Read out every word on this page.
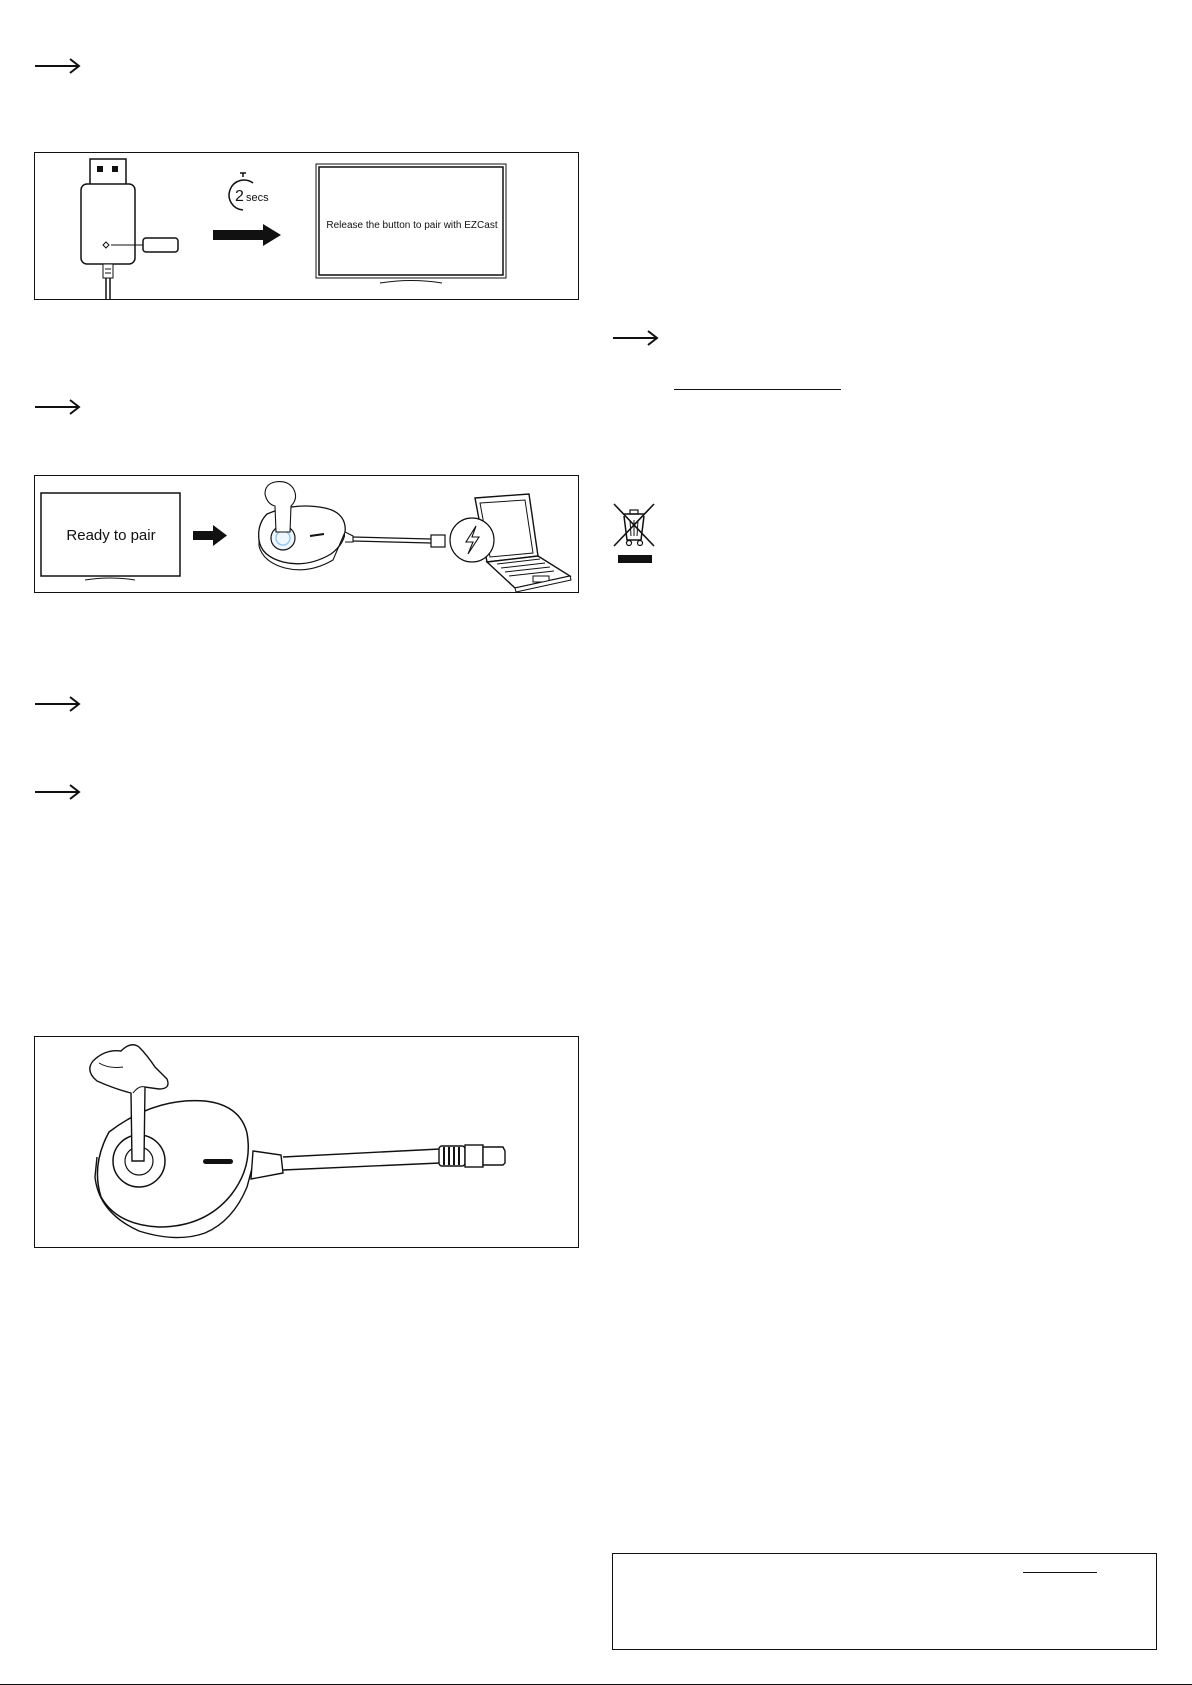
2 secs
Release the button to pair with EZCast
Ready to pair
